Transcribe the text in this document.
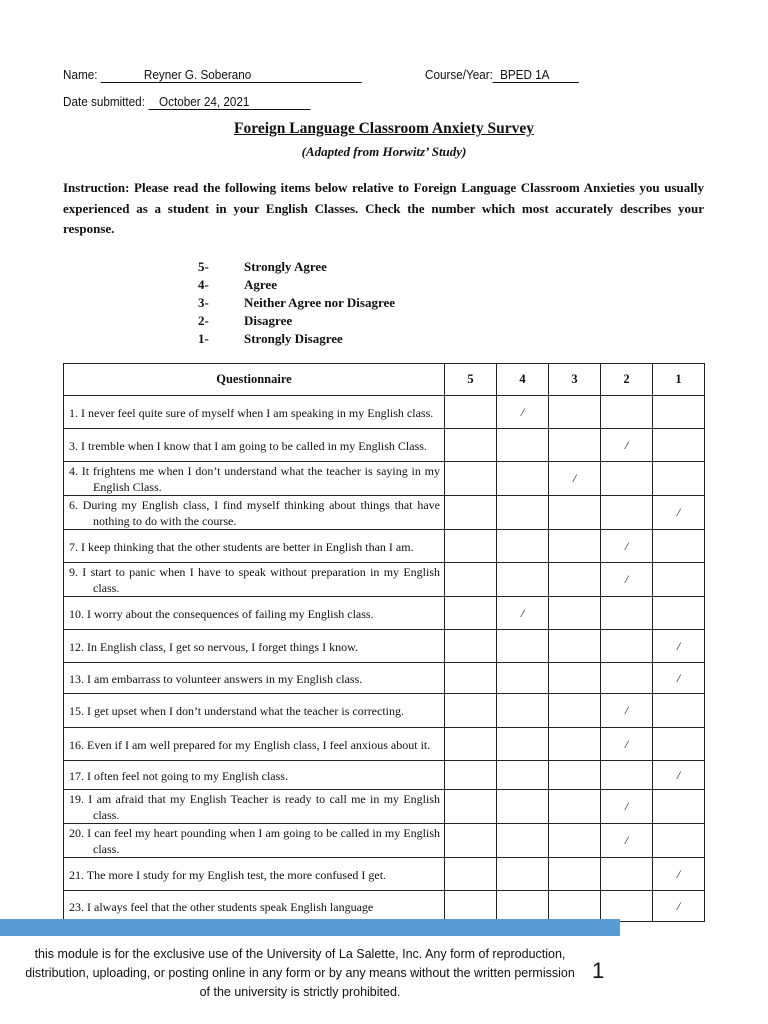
Name:	Reyner G. Soberano	Course/Year: BPED 1A
Date submitted: October 24, 2021
Foreign Language Classroom Anxiety Survey
(Adapted from Horwitz’ Study)
Instruction: Please read the following items below relative to Foreign Language Classroom Anxieties you usually experienced as a student in your English Classes. Check the number which most accurately describes your response.
5-	Strongly Agree
4-	Agree
3-	Neither Agree nor Disagree
2-	Disagree
1-	Strongly Disagree
Questionnaire	5	4	3	2	1

1. I never feel quite sure of myself when I am speaking in my English class.		/			

3. I tremble when I know that I am going to be called in my English Class.				/	

4. It frightens me when I don’t understand what the teacher is saying in my English Class.			/		

6. During my English class, I find myself thinking about things that have nothing to do with the course.					/

7. I keep thinking that the other students are better in English than I am.				/	

9. I start to panic when I have to speak without preparation in my English class.				/	

10. I worry about the consequences of failing my English class.		/			

12. In English class, I get so nervous, I forget things I know.					/

13. I am embarrass to volunteer answers in my English class.					/

15. I get upset when I don’t understand what the teacher is correcting.				/	

16. Even if I am well prepared for my English class, I feel anxious about it.				/	

17. I often feel not going to my English class.					/

19. I am afraid that my English Teacher is ready to call me in my English class.				/	

20. I can feel my heart pounding when I am going to be called in my English class.				/	

21. The more I study for my English test, the more confused I get.					/

23. I always feel that the other students speak English language					/
this module is for the exclusive use of the University of La Salette, Inc. Any form of reproduction, distribution, uploading, or posting online in any form or by any means without the written permission of the university is strictly prohibited.
1
